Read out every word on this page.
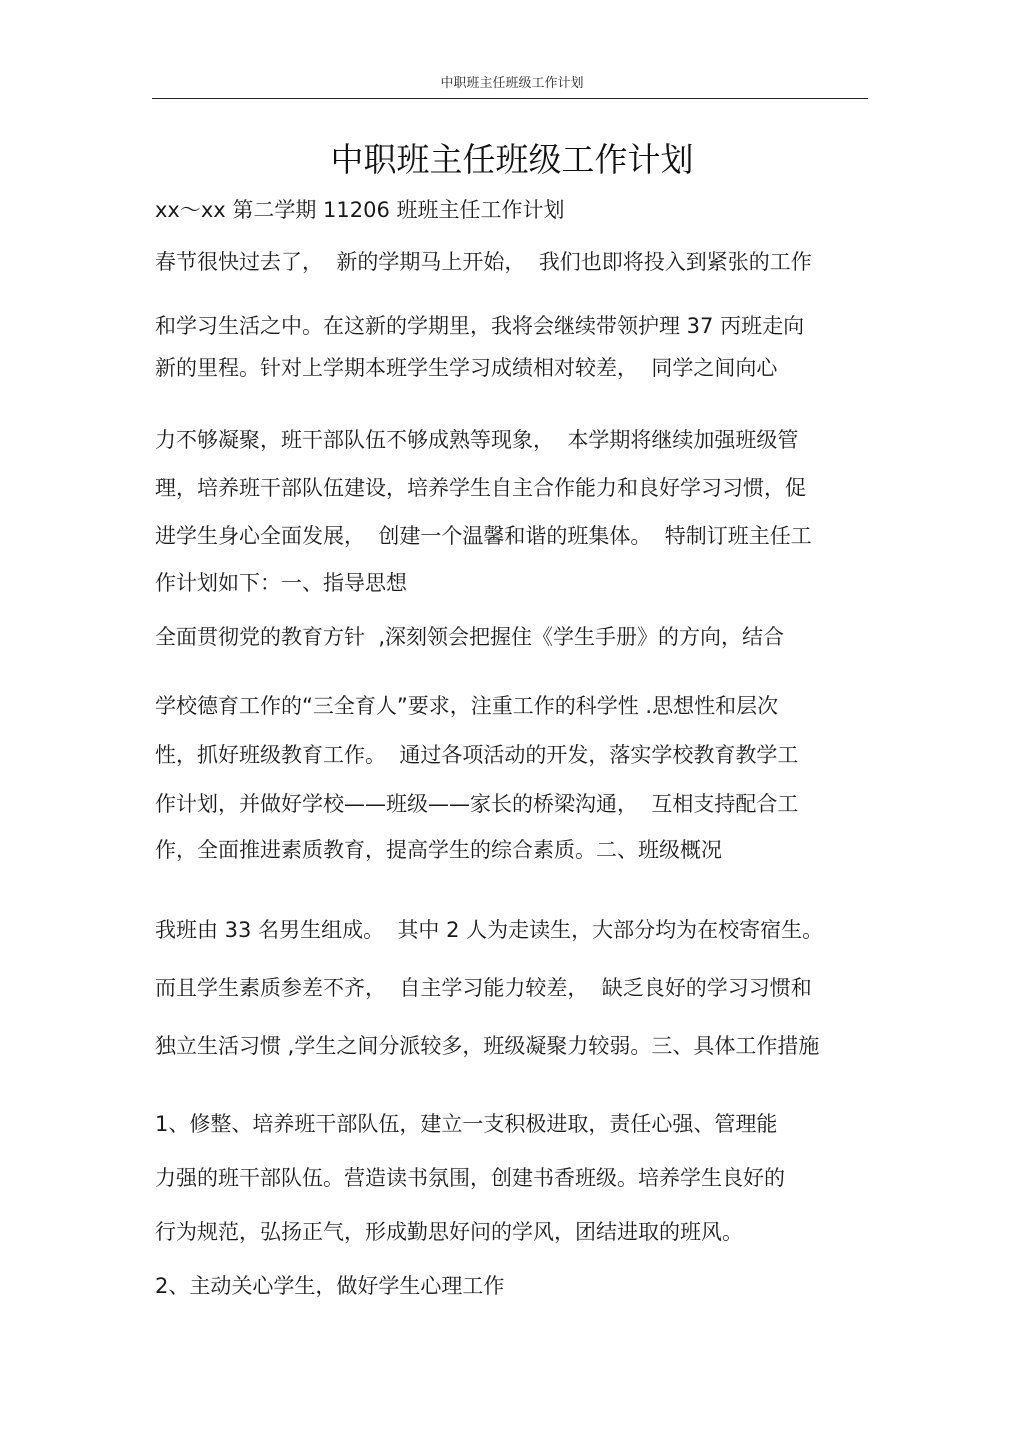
中职班主任班级工作计划
中职班主任班级工作计划
xx～xx 第二学期 11206 班班主任工作计划
春节很快过去了，  新的学期马上开始，  我们也即将投入到紧张的工作
和学习生活之中。在这新的学期里，我将会继续带领护理 37 丙班走向
新的里程。针对上学期本班学生学习成绩相对较差，  同学之间向心
力不够凝聚，班干部队伍不够成熟等现象，  本学期将继续加强班级管
理，培养班干部队伍建设，培养学生自主合作能力和良好学习习惯，促
进学生身心全面发展，  创建一个温馨和谐的班集体。  特制订班主任工
作计划如下：一、指导思想
全面贯彻党的教育方针  ,深刻领会把握住《学生手册》的方向，结合
学校德育工作的“三全育人”要求，注重工作的科学性 .思想性和层次
性，抓好班级教育工作。  通过各项活动的开发，落实学校教育教学工
作计划，并做好学校——班级——家长的桥梁沟通，  互相支持配合工
作，全面推进素质教育，提高学生的综合素质。二、班级概况
我班由 33 名男生组成。  其中 2 人为走读生，大部分均为在校寄宿生。
而且学生素质参差不齐，  自主学习能力较差，  缺乏良好的学习习惯和
独立生活习惯 ,学生之间分派较多，班级凝聚力较弱。三、具体工作措施
1、修整、培养班干部队伍，建立一支积极进取，责任心强、管理能
力强的班干部队伍。营造读书氛围，创建书香班级。培养学生良好的
行为规范，弘扬正气，形成勤思好问的学风，团结进取的班风。
2、主动关心学生，做好学生心理工作
